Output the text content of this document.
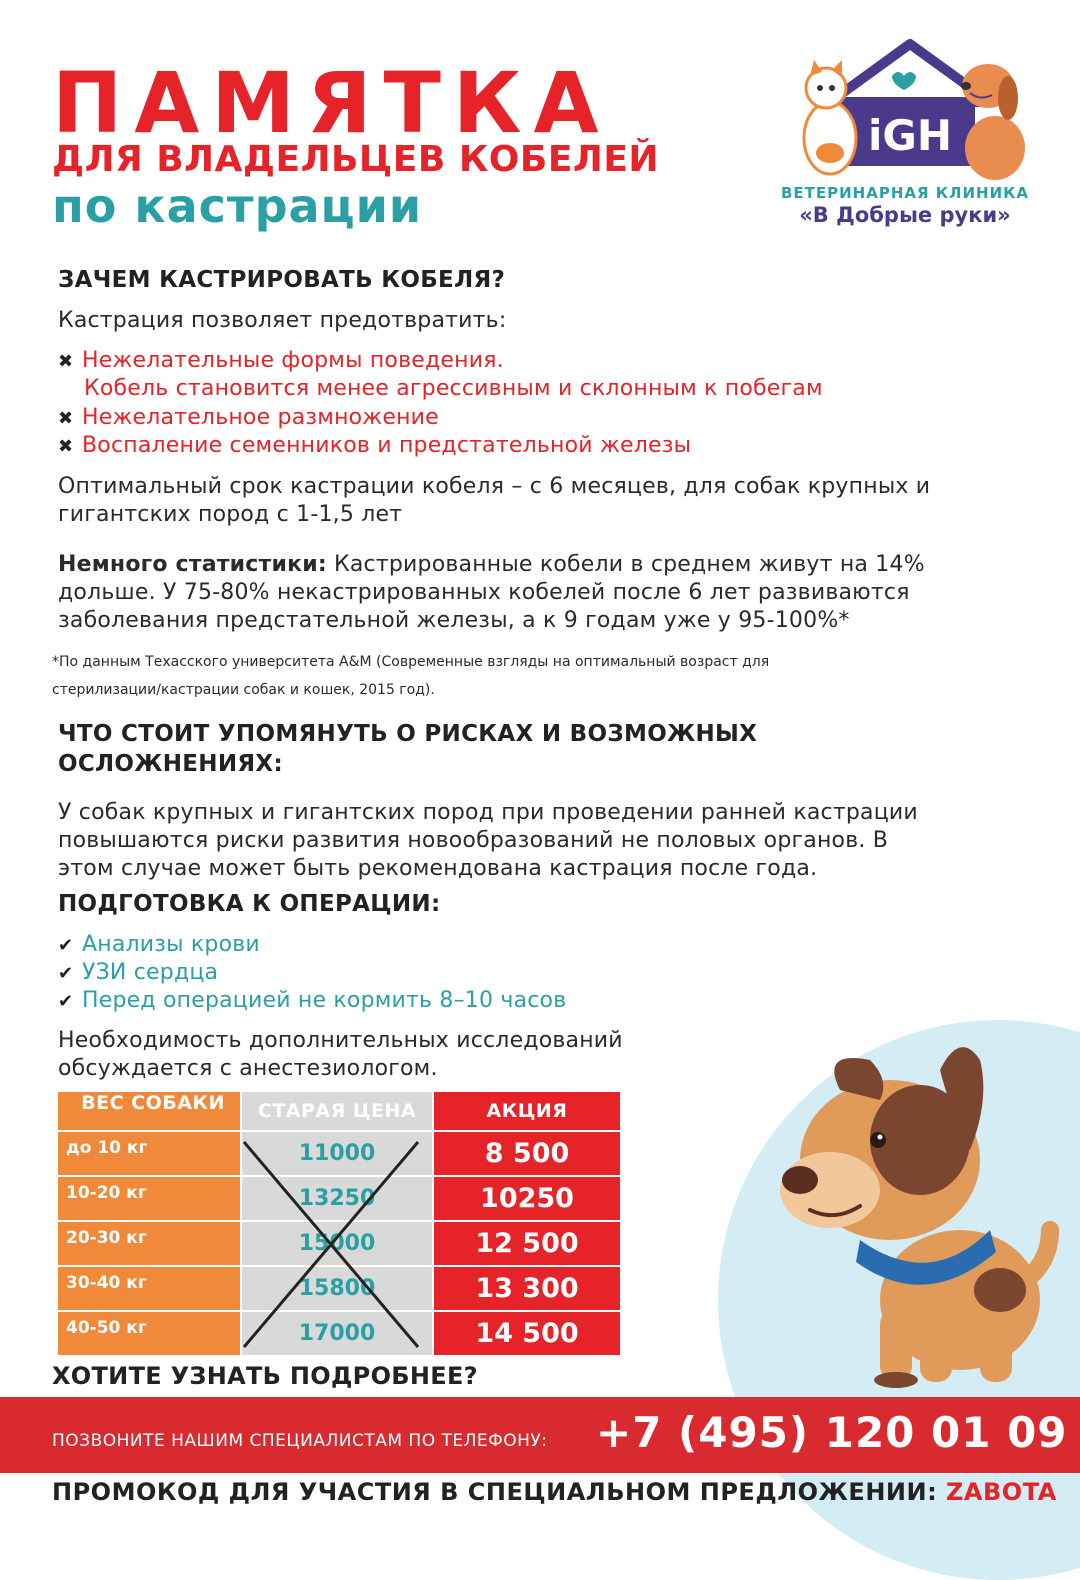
ПАМЯТКА
ДЛЯ ВЛАДЕЛЬЦЕВ КОБЕЛЕЙ
по кастрации
iGH
ВЕТЕРИНАРНАЯ КЛИНИКА
«В Добрые руки»
ЗАЧЕМ КАСТРИРОВАТЬ КОБЕЛЯ?
Кастрация позволяет предотвратить:
✖ Нежелательные формы поведения.
Кобель становится менее агрессивным и склонным к побегам
✖ Нежелательное размножение
✖ Воспаление семенников и предстательной железы
Оптимальный срок кастрации кобеля – с 6 месяцев, для собак крупных и
гигантских пород с 1-1,5 лет
Немного статистики: Кастрированные кобели в среднем живут на 14%
дольше. У 75-80% некастрированных кобелей после 6 лет развиваются
заболевания предстательной железы, а к 9 годам уже у 95-100%*
*По данным Техасского университета A&M (Современные взгляды на оптимальный возраст для
стерилизации/кастрации собак и кошек, 2015 год).
ЧТО СТОИТ УПОМЯНУТЬ О РИСКАХ И ВОЗМОЖНЫХ
ОСЛОЖНЕНИЯХ:
У собак крупных и гигантских пород при проведении ранней кастрации
повышаются риски развития новообразований не половых органов. В
этом случае может быть рекомендована кастрация после года.
ПОДГОТОВКА К ОПЕРАЦИИ:
✔ Анализы крови
✔ УЗИ сердца
✔ Перед операцией не кормить 8–10 часов
Необходимость дополнительных исследований
обсуждается с анестезиологом.
ВЕС СОБАКИ	СТАРАЯ ЦЕНА	АКЦИЯ

до 10 кг	11000	8 500

10-20 кг	13250	10250

20-30 кг	15000	12 500

30-40 кг	15800	13 300

40-50 кг	17000	14 500
ХОТИТЕ УЗНАТЬ ПОДРОБНЕЕ?
ПОЗВОНИТЕ НАШИМ СПЕЦИАЛИСТАМ ПО ТЕЛЕФОНУ: +7 (495) 120 01 09
ПРОМОКОД ДЛЯ УЧАСТИЯ В СПЕЦИАЛЬНОМ ПРЕДЛОЖЕНИИ: ZABOTA
